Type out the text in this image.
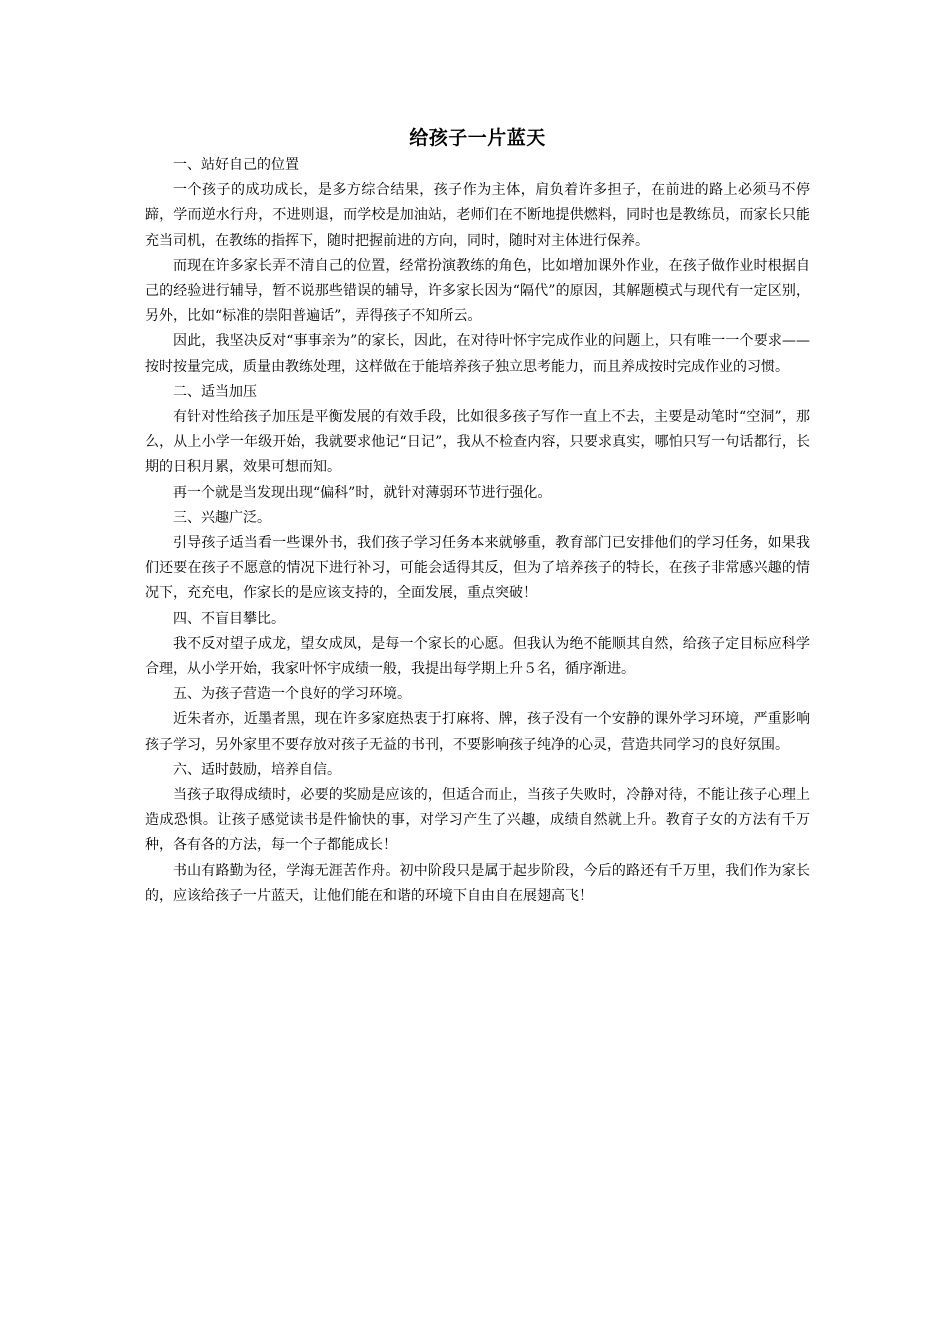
给孩子一片蓝天

一、站好自己的位置

一个孩子的成功成长，是多方综合结果，孩子作为主体，肩负着许多担子，在前进的路上必须马不停蹄，学而逆水行舟，不进则退，而学校是加油站，老师们在不断地提供燃料，同时也是教练员，而家长只能充当司机，在教练的指挥下，随时把握前进的方向，同时，随时对主体进行保养。

而现在许多家长弄不清自己的位置，经常扮演教练的角色，比如增加课外作业，在孩子做作业时根据自己的经验进行辅导，暂不说那些错误的辅导，许多家长因为“隔代”的原因，其解题模式与现代有一定区别，另外，比如“标准的崇阳普遍话”，弄得孩子不知所云。

因此，我坚决反对“事事亲为”的家长，因此，在对待叶怀宇完成作业的问题上，只有唯一一个要求——按时按量完成，质量由教练处理，这样做在于能培养孩子独立思考能力，而且养成按时完成作业的习惯。

二、适当加压

有针对性给孩子加压是平衡发展的有效手段，比如很多孩子写作一直上不去，主要是动笔时“空洞”，那么，从上小学一年级开始，我就要求他记“日记”，我从不检查内容，只要求真实，哪怕只写一句话都行，长期的日积月累，效果可想而知。

再一个就是当发现出现“偏科”时，就针对薄弱环节进行强化。

三、兴趣广泛。

引导孩子适当看一些课外书，我们孩子学习任务本来就够重，教育部门已安排他们的学习任务，如果我们还要在孩子不愿意的情况下进行补习，可能会适得其反，但为了培养孩子的特长，在孩子非常感兴趣的情况下，充充电，作家长的是应该支持的，全面发展，重点突破！

四、不盲目攀比。

我不反对望子成龙，望女成凤，是每一个家长的心愿。但我认为绝不能顺其自然，给孩子定目标应科学合理，从小学开始，我家叶怀宇成绩一般，我提出每学期上升５名，循序渐进。

五、为孩子营造一个良好的学习环境。

近朱者亦，近墨者黑，现在许多家庭热衷于打麻将、牌，孩子没有一个安静的课外学习环境，严重影响孩子学习，另外家里不要存放对孩子无益的书刊，不要影响孩子纯净的心灵，营造共同学习的良好氛围。

六、适时鼓励，培养自信。

当孩子取得成绩时，必要的奖励是应该的，但适合而止，当孩子失败时，冷静对待，不能让孩子心理上造成恐惧。让孩子感觉读书是件愉快的事，对学习产生了兴趣，成绩自然就上升。教育子女的方法有千万种，各有各的方法，每一个子都能成长！

书山有路勤为径，学海无涯苦作舟。初中阶段只是属于起步阶段，今后的路还有千万里，我们作为家长的，应该给孩子一片蓝天，让他们能在和谐的环境下自由自在展翅高飞！
